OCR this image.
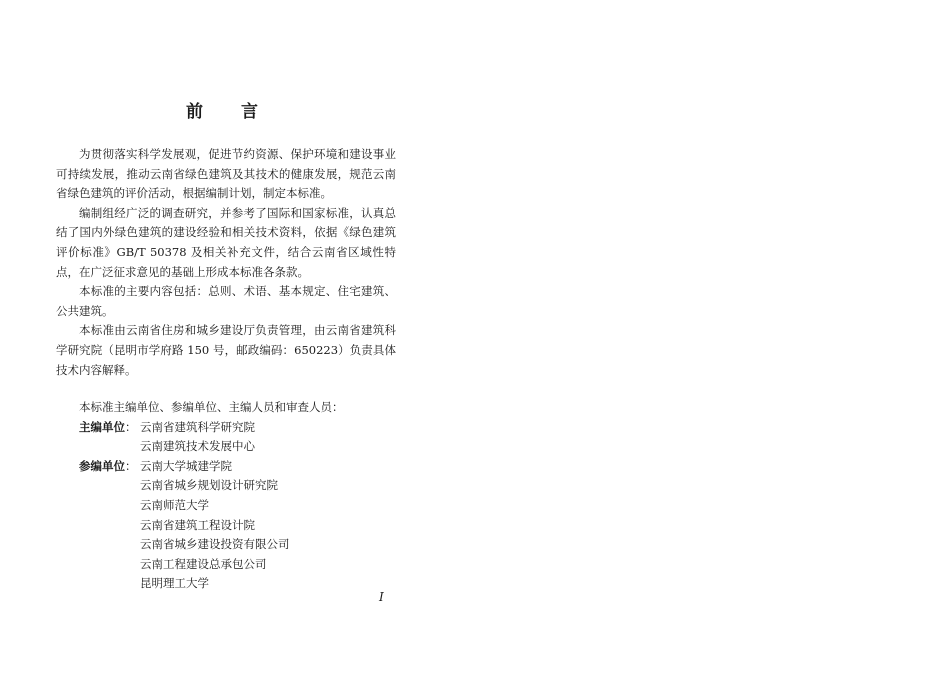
前 言

为贯彻落实科学发展观，促进节约资源、保护环境和建设事业可持续发展，推动云南省绿色建筑及其技术的健康发展，规范云南省绿色建筑的评价活动，根据编制计划，制定本标准。

编制组经广泛的调查研究，并参考了国际和国家标准，认真总结了国内外绿色建筑的建设经验和相关技术资料，依据《绿色建筑评价标准》GB/T 50378 及相关补充文件，结合云南省区域性特点，在广泛征求意见的基础上形成本标准各条款。

本标准的主要内容包括：总则、术语、基本规定、住宅建筑、公共建筑。

本标准由云南省住房和城乡建设厅负责管理，由云南省建筑科学研究院（昆明市学府路 150 号，邮政编码：650223）负责具体技术内容解释。

本标准主编单位、参编单位、主编人员和审查人员：

主编单位： 云南省建筑科学研究院
云南建筑技术发展中心
参编单位： 云南大学城建学院
云南省城乡规划设计研究院
云南师范大学
云南省建筑工程设计院
云南省城乡建设投资有限公司
云南工程建设总承包公司
昆明理工大学
I
